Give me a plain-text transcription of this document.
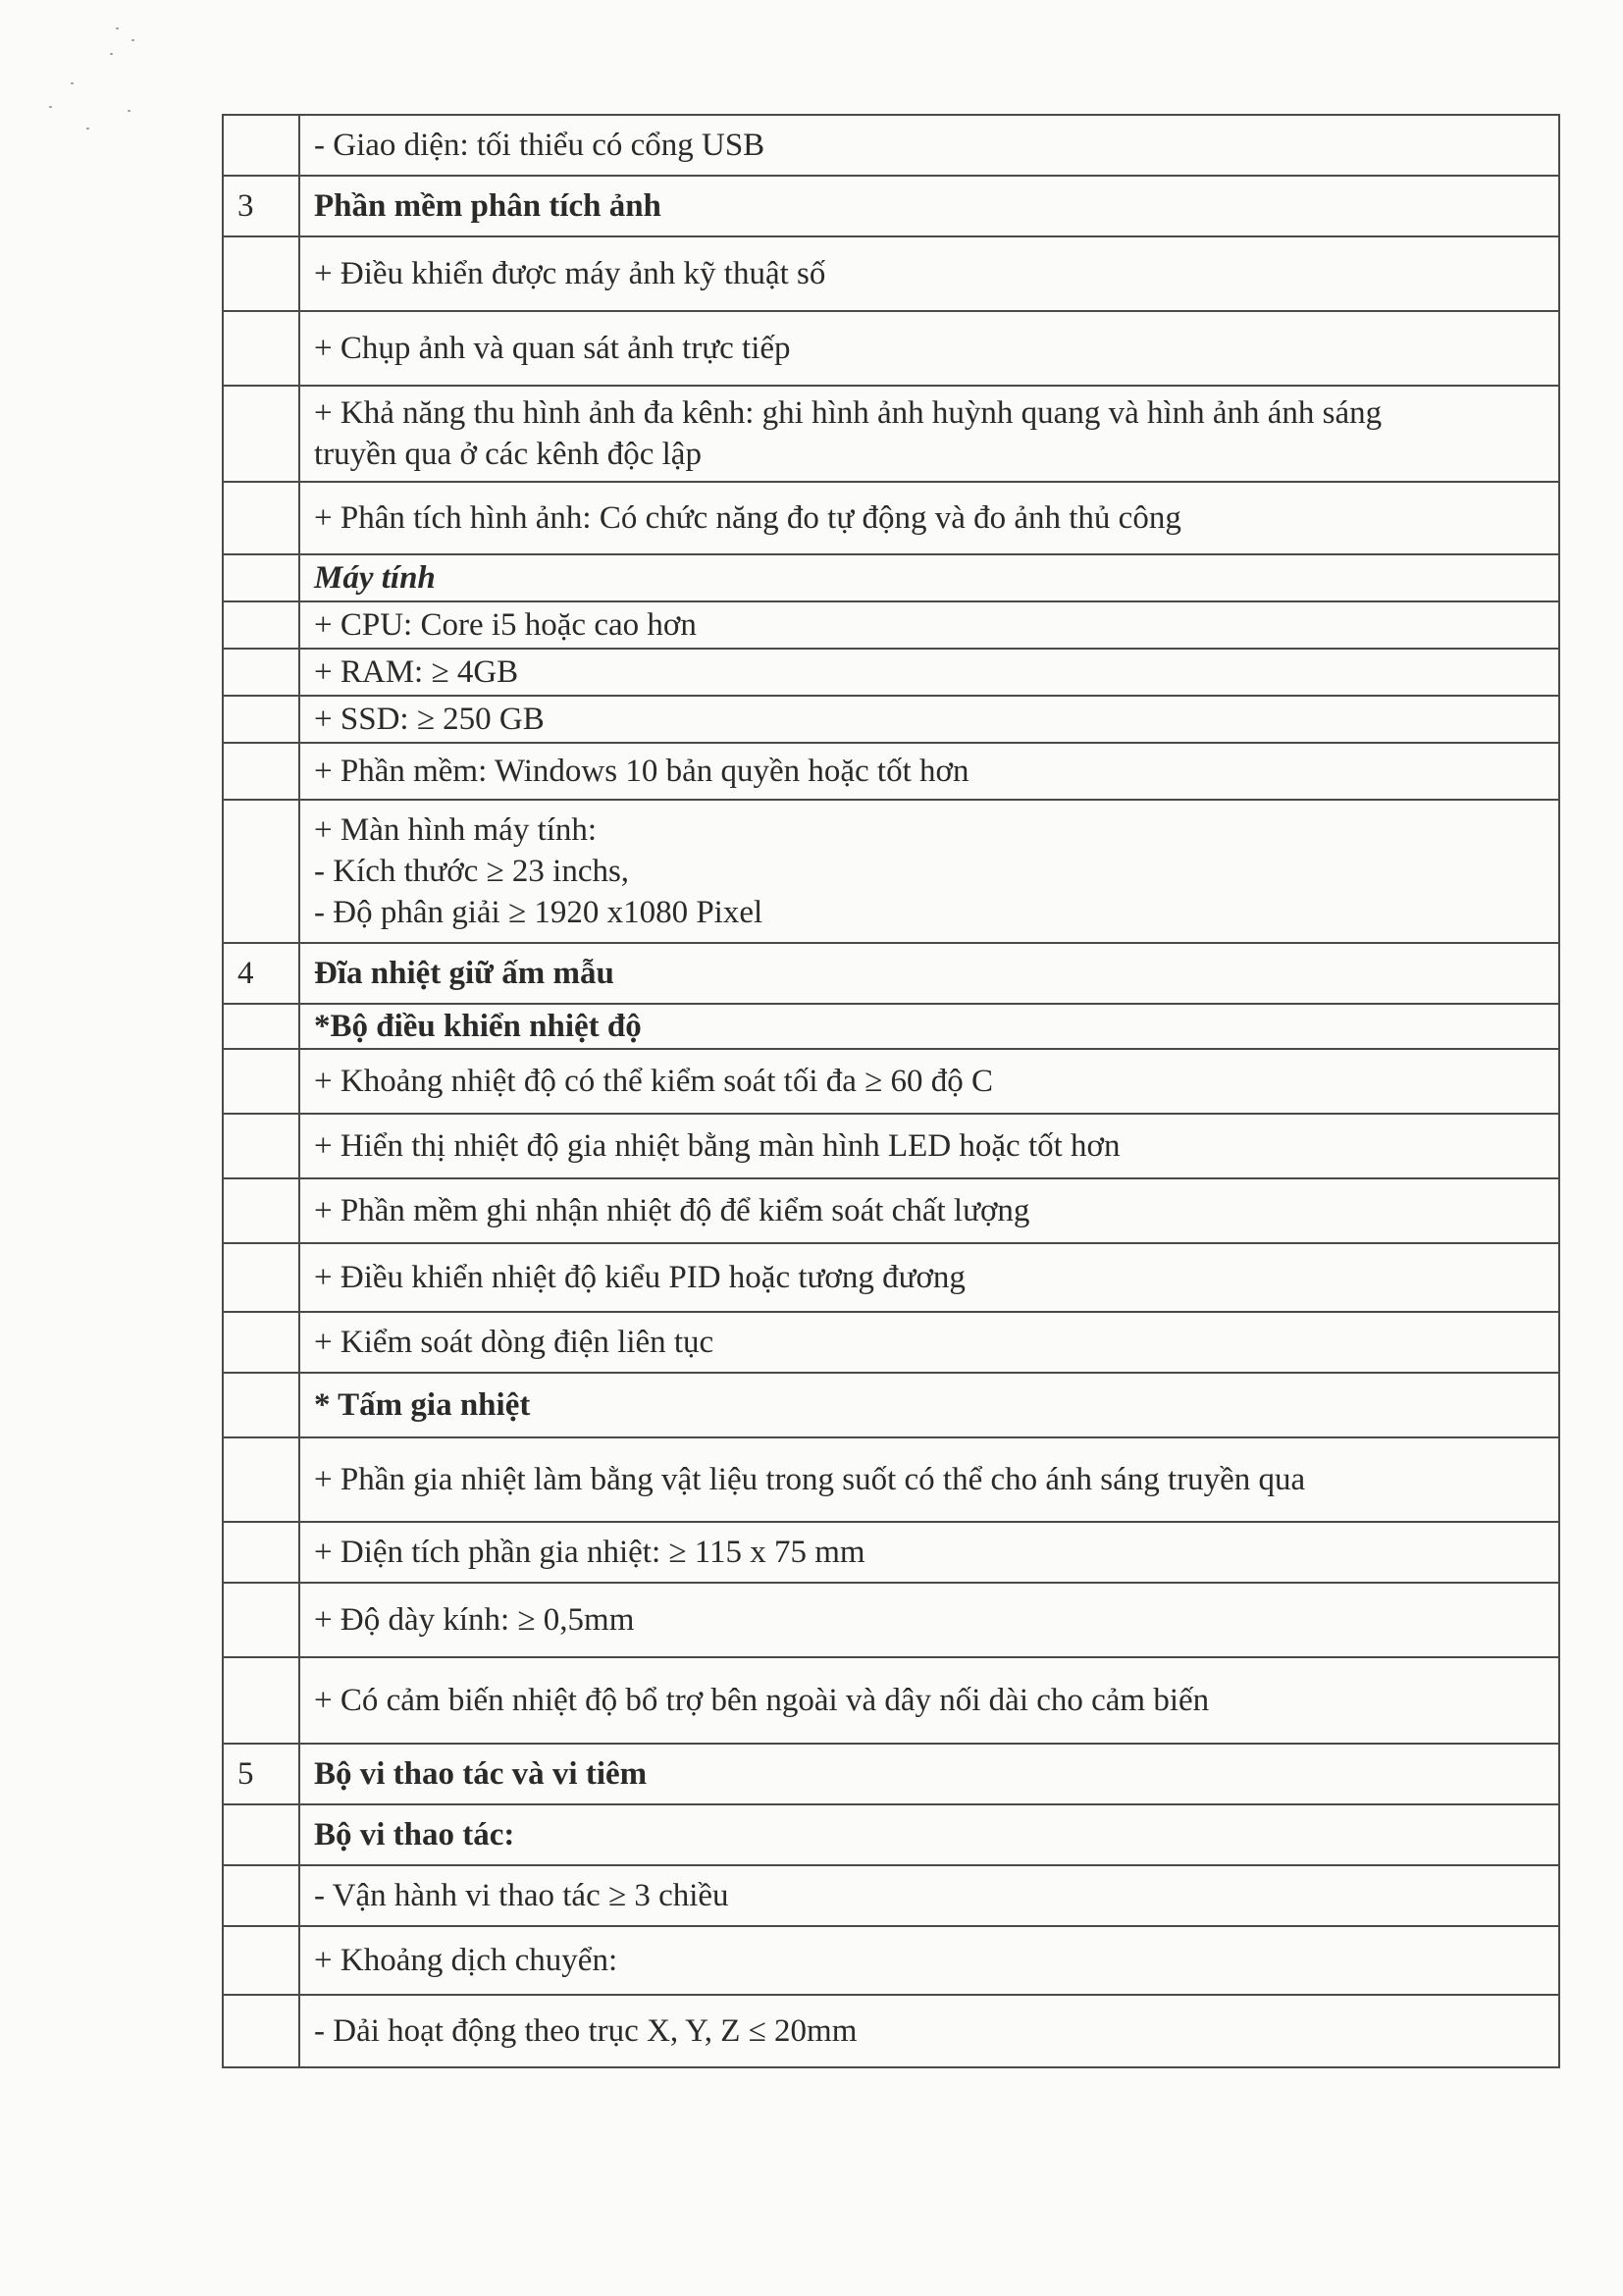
	- Giao diện: tối thiểu có cổng USB
3	Phần mềm phân tích ảnh
	+ Điều khiển được máy ảnh kỹ thuật số
	+ Chụp ảnh và quan sát ảnh trực tiếp

	+ Khả năng thu hình ảnh đa kênh: ghi hình ảnh huỳnh quang và hình ảnh ánh sáng
truyền qua ở các kênh độc lập

	+ Phân tích hình ảnh: Có chức năng đo tự động và đo ảnh thủ công
	Máy tính
	+ CPU: Core i5 hoặc cao hơn
	+ RAM: ≥ 4GB
	+ SSD: ≥ 250 GB
	+ Phần mềm: Windows 10 bản quyền hoặc tốt hơn

	+ Màn hình máy tính:
- Kích thước ≥ 23 inchs,
- Độ phân giải ≥ 1920 x1080 Pixel

4	Đĩa nhiệt giữ ấm mẫu
	*Bộ điều khiển nhiệt độ
	+ Khoảng nhiệt độ có thể kiểm soát tối đa ≥ 60 độ C
	+ Hiển thị nhiệt độ gia nhiệt bằng màn hình LED hoặc tốt hơn
	+ Phần mềm ghi nhận nhiệt độ để kiểm soát chất lượng
	+ Điều khiển nhiệt độ kiểu PID hoặc tương đương
	+ Kiểm soát dòng điện liên tục
	* Tấm gia nhiệt
	+ Phần gia nhiệt làm bằng vật liệu trong suốt có thể cho ánh sáng truyền qua
	+ Diện tích phần gia nhiệt: ≥ 115 x 75 mm
	+ Độ dày kính: ≥ 0,5mm
	+ Có cảm biến nhiệt độ bổ trợ bên ngoài và dây nối dài cho cảm biến
5	Bộ vi thao tác và vi tiêm
	Bộ vi thao tác:
	- Vận hành vi thao tác ≥ 3 chiều
	+ Khoảng dịch chuyển:
	- Dải hoạt động theo trục X, Y, Z ≤ 20mm
